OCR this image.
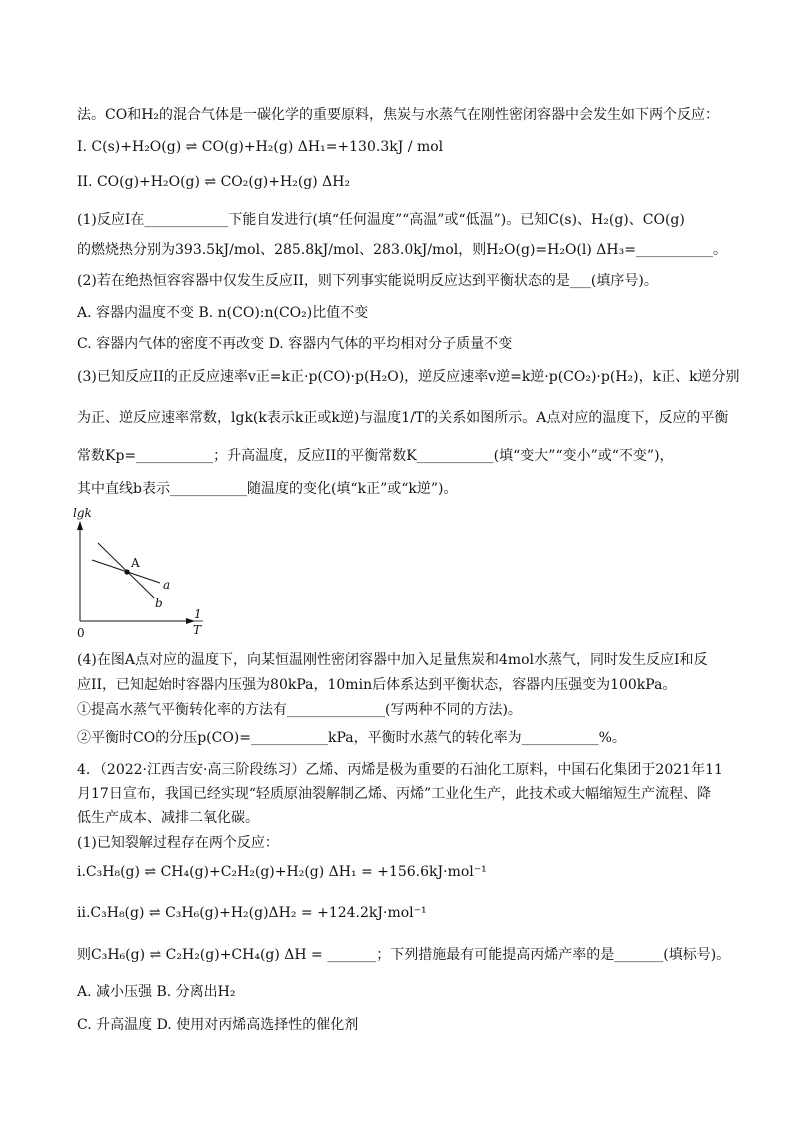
法。CO和H₂的混合气体是一碳化学的重要原料，焦炭与水蒸气在刚性密闭容器中会发生如下两个反应：
I. C(s)+H₂O(g) ⇌ CO(g)+H₂(g) ΔH₁=+130.3kJ / mol
II. CO(g)+H₂O(g) ⇌ CO₂(g)+H₂(g) ΔH₂
(1)反应I在____________下能自发进行(填“任何温度”“高温”或“低温”)。已知C(s)、H₂(g)、CO(g)
的燃烧热分别为393.5kJ/mol、285.8kJ/mol、283.0kJ/mol，则H₂O(g)=H₂O(l) ΔH₃=___________。
(2)若在绝热恒容容器中仅发生反应II，则下列事实能说明反应达到平衡状态的是___(填序号)。
A. 容器内温度不变 B. n(CO):n(CO₂)比值不变
C. 容器内气体的密度不再改变 D. 容器内气体的平均相对分子质量不变
(3)已知反应II的正反应速率v正=k正·p(CO)·p(H₂O)，逆反应速率v逆=k逆·p(CO₂)·p(H₂)，k正、k逆分别
为正、逆反应速率常数，lgk(k表示k正或k逆)与温度1/T的关系如图所示。A点对应的温度下，反应的平衡
常数Kp=___________；升高温度，反应II的平衡常数K___________(填“变大”“变小”或“不变”)，
其中直线b表示___________随温度的变化(填“k正”或“k逆”)。
lgk
0
1
T
A
a
b
(4)在图A点对应的温度下，向某恒温刚性密闭容器中加入足量焦炭和4mol水蒸气，同时发生反应I和反
应II，已知起始时容器内压强为80kPa，10min后体系达到平衡状态，容器内压强变为100kPa。
①提高水蒸气平衡转化率的方法有______________(写两种不同的方法)。
②平衡时CO的分压p(CO)=___________kPa，平衡时水蒸气的转化率为___________%。
4．（2022·江西吉安·高三阶段练习）乙烯、丙烯是极为重要的石油化工原料，中国石化集团于2021年11
月17日宣布，我国已经实现“轻质原油裂解制乙烯、丙烯”工业化生产，此技术或大幅缩短生产流程、降
低生产成本、减排二氧化碳。
(1)已知裂解过程存在两个反应：
ⅰ.C₃H₈(g) ⇌ CH₄(g)+C₂H₂(g)+H₂(g) ΔH₁ = +156.6kJ·mol⁻¹
ⅱ.C₃H₈(g) ⇌ C₃H₆(g)+H₂(g)ΔH₂ = +124.2kJ·mol⁻¹
则C₃H₆(g) ⇌ C₂H₂(g)+CH₄(g) ΔH = _______；下列措施最有可能提高丙烯产率的是_______(填标号)。
A. 减小压强 B. 分离出H₂
C. 升高温度 D. 使用对丙烯高选择性的催化剂
